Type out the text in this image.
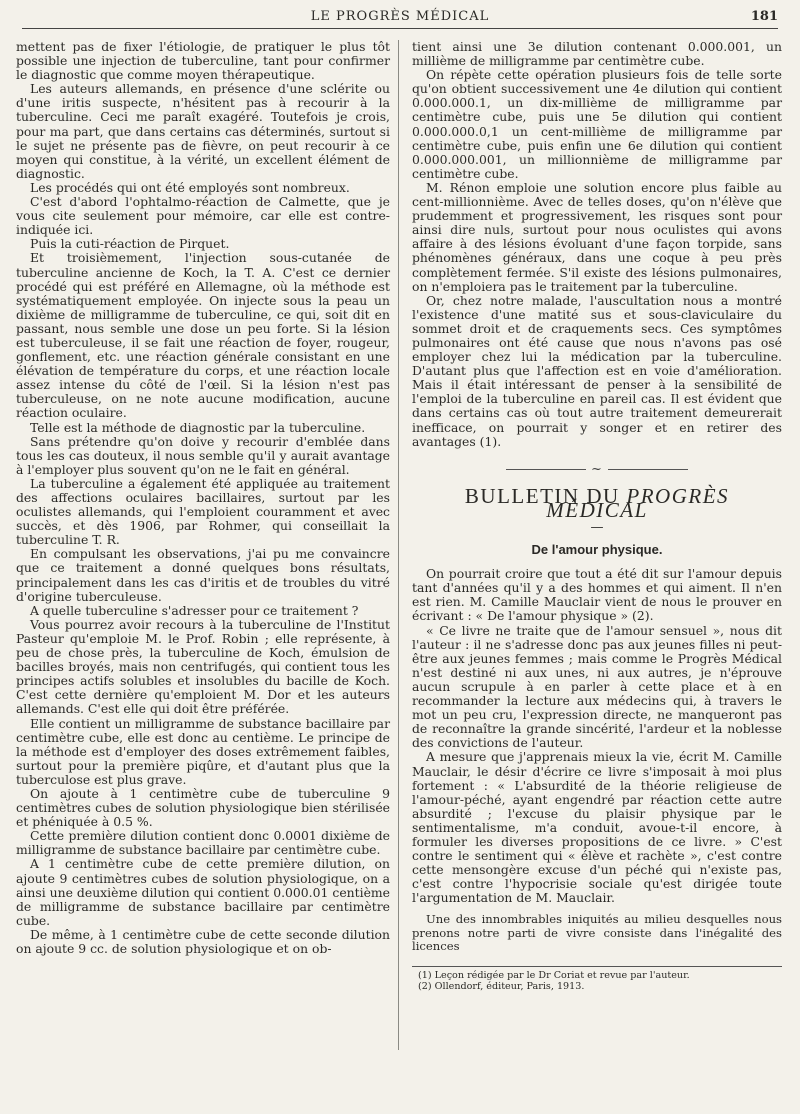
LE PROGRÈS MÉDICAL	181

mettent pas de fixer l'étiologie, de pratiquer le plus tôt possible une injection de tuberculine, tant pour confirmer le diagnostic que comme moyen thérapeutique.

Les auteurs allemands, en présence d'une sclérite ou d'une iritis suspecte, n'hésitent pas à recourir à la tuberculine. Ceci me paraît exagéré. Toutefois je crois, pour ma part, que dans certains cas déterminés, surtout si le sujet ne présente pas de fièvre, on peut recourir à ce moyen qui constitue, à la vérité, un excellent élément de diagnostic.

Les procédés qui ont été employés sont nombreux.

C'est d'abord l'ophtalmo-réaction de Calmette, que je vous cite seulement pour mémoire, car elle est contre-indiquée ici.

Puis la cuti-réaction de Pirquet.

Et troisièmement, l'injection sous-cutanée de tuberculine ancienne de Koch, la T. A. C'est ce dernier procédé qui est préféré en Allemagne, où la méthode est systématiquement employée. On injecte sous la peau un dixième de milligramme de tuberculine, ce qui, soit dit en passant, nous semble une dose un peu forte. Si la lésion est tuberculeuse, il se fait une réaction de foyer, rougeur, gonflement, etc. une réaction générale consistant en une élévation de température du corps, et une réaction locale assez intense du côté de l'œil. Si la lésion n'est pas tuberculeuse, on ne note aucune modification, aucune réaction oculaire.

Telle est la méthode de diagnostic par la tuberculine.

Sans prétendre qu'on doive y recourir d'emblée dans tous les cas douteux, il nous semble qu'il y aurait avantage à l'employer plus souvent qu'on ne le fait en général.

La tuberculine a également été appliquée au traitement des affections oculaires bacillaires, surtout par les oculistes allemands, qui l'emploient couramment et avec succès, et dès 1906, par Rohmer, qui conseillait la tuberculine T. R.

En compulsant les observations, j'ai pu me convaincre que ce traitement a donné quelques bons résultats, principalement dans les cas d'iritis et de troubles du vitré d'origine tuberculeuse.

A quelle tuberculine s'adresser pour ce traitement ?

Vous pourrez avoir recours à la tuberculine de l'Institut Pasteur qu'emploie M. le Prof. Robin ; elle représente, à peu de chose près, la tuberculine de Koch, émulsion de bacilles broyés, mais non centrifugés, qui contient tous les principes actifs solubles et insolubles du bacille de Koch. C'est cette dernière qu'emploient M. Dor et les auteurs allemands. C'est elle qui doit être préférée.

Elle contient un milligramme de substance bacillaire par centimètre cube, elle est donc au centième. Le principe de la méthode est d'employer des doses extrêmement faibles, surtout pour la première piqûre, et d'autant plus que la tuberculose est plus grave.

On ajoute à 1 centimètre cube de tuberculine 9 centimètres cubes de solution physiologique bien stérilisée et phéniquée à 0.5 %.

Cette première dilution contient donc 0.0001 dixième de milligramme de substance bacillaire par centimètre cube.

A 1 centimètre cube de cette première dilution, on ajoute 9 centimètres cubes de solution physiologique, on a ainsi une deuxième dilution qui contient 0.000.01 centième de milligramme de substance bacillaire par centimètre cube.

De même, à 1 centimètre cube de cette seconde dilution on ajoute 9 cc. de solution physiologique et on ob-

tient ainsi une 3e dilution contenant 0.000.001, un millième de milligramme par centimètre cube.

On répète cette opération plusieurs fois de telle sorte qu'on obtient successivement une 4e dilution qui contient 0.000.000.1, un dix-millième de milligramme par centimètre cube, puis une 5e dilution qui contient 0.000.000.0,1 un cent-millième de milligramme par centimètre cube, puis enfin une 6e dilution qui contient 0.000.000.001, un millionnième de milligramme par centimètre cube.

M. Rénon emploie une solution encore plus faible au cent-millionnième. Avec de telles doses, qu'on n'élève que prudemment et progressivement, les risques sont pour ainsi dire nuls, surtout pour nous oculistes qui avons affaire à des lésions évoluant d'une façon torpide, sans phénomènes généraux, dans une coque à peu près complètement fermée. S'il existe des lésions pulmonaires, on n'emploiera pas le traitement par la tuberculine.

Or, chez notre malade, l'auscultation nous a montré l'existence d'une matité sus et sous-claviculaire du sommet droit et de craquements secs. Ces symptômes pulmonaires ont été cause que nous n'avons pas osé employer chez lui la médication par la tuberculine. D'autant plus que l'affection est en voie d'amélioration. Mais il était intéressant de penser à la sensibilité de l'emploi de la tuberculine en pareil cas. Il est évident que dans certains cas où tout autre traitement demeurerait inefficace, on pourrait y songer et en retirer des avantages (1).

~
BULLETIN DU PROGRÈS MÉDICAL
—
De l'amour physique.

On pourrait croire que tout a été dit sur l'amour depuis tant d'années qu'il y a des hommes et qui aiment. Il n'en est rien. M. Camille Mauclair vient de nous le prouver en écrivant : « De l'amour physique » (2).

« Ce livre ne traite que de l'amour sensuel », nous dit l'auteur : il ne s'adresse donc pas aux jeunes filles ni peut-être aux jeunes femmes ; mais comme le Progrès Médical n'est destiné ni aux unes, ni aux autres, je n'éprouve aucun scrupule à en parler à cette place et à en recommander la lecture aux médecins qui, à travers le mot un peu cru, l'expression directe, ne manqueront pas de reconnaître la grande sincérité, l'ardeur et la noblesse des convictions de l'auteur.

A mesure que j'apprenais mieux la vie, écrit M. Camille Mauclair, le désir d'écrire ce livre s'imposait à moi plus fortement : « L'absurdité de la théorie religieuse de l'amour-péché, ayant engendré par réaction cette autre absurdité ; l'excuse du plaisir physique par le sentimentalisme, m'a conduit, avoue-t-il encore, à formuler les diverses propositions de ce livre. » C'est contre le sentiment qui « élève et rachète », c'est contre cette mensongère excuse d'un péché qui n'existe pas, c'est contre l'hypocrisie sociale qu'est dirigée toute l'argumentation de M. Mauclair.

Une des innombrables iniquités au milieu desquelles nous prenons notre parti de vivre consiste dans l'inégalité des licences

(1) Leçon rédigée par le Dr Coriat et revue par l'auteur.

(2) Ollendorf, éditeur, Paris, 1913.
